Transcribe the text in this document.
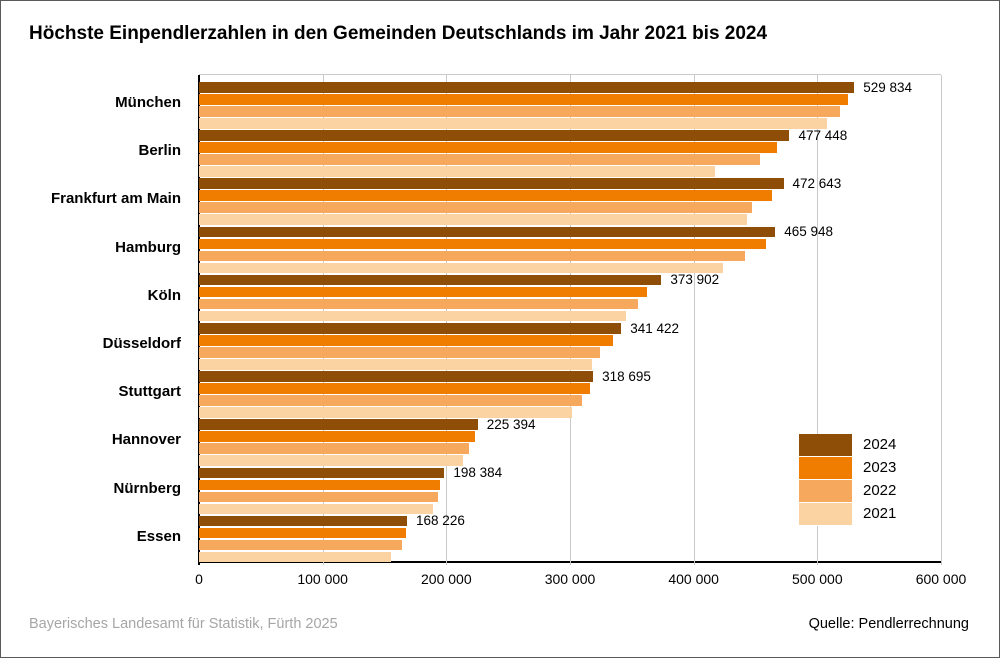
Höchste Einpendlerzahlen in den Gemeinden Deutschlands im Jahr 2021 bis 2024
0	100 000	200 000	300 000	400 000	500 000	600 000
München
529 834
Berlin
477 448
Frankfurt am Main
472 643
Hamburg
465 948
Köln
373 902
Düsseldorf
341 422
Stuttgart
318 695
Hannover
225 394
Nürnberg
198 384
Essen
168 226
2024
2023
2022
2021
Bayerisches Landesamt für Statistik, Fürth 2025	Quelle: Pendlerrechnung
